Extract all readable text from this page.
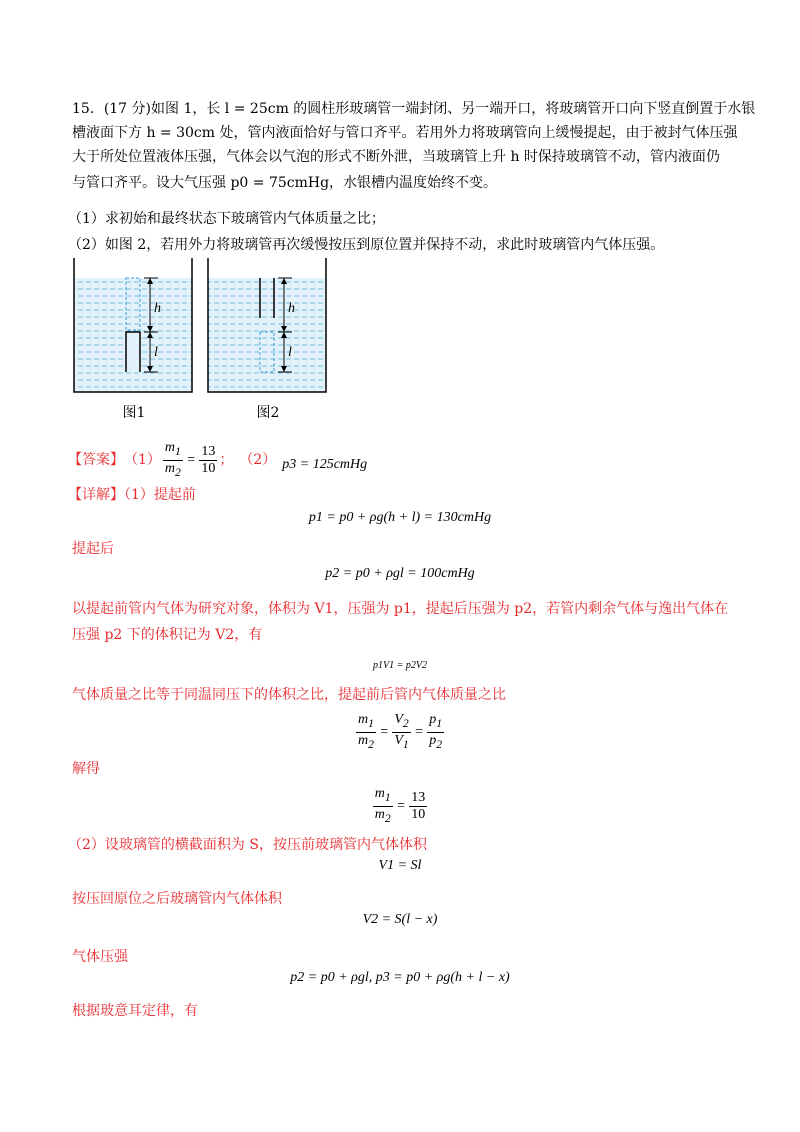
15．(17 分)如图 1，长 l = 25cm 的圆柱形玻璃管一端封闭、另一端开口，将玻璃管开口向下竖直倒置于水银
槽液面下方 h = 30cm 处，管内液面恰好与管口齐平。若用外力将玻璃管向上缓慢提起，由于被封气体压强
大于所处位置液体压强，气体会以气泡的形式不断外泄，当玻璃管上升 h 时保持玻璃管不动，管内液面仍
与管口齐平。设大气压强 p0 = 75cmHg，水银槽内温度始终不变。
（1）求初始和最终状态下玻璃管内气体质量之比；
（2）如图 2，若用外力将玻璃管再次缓慢按压到原位置并保持不动，求此时玻璃管内气体压强。
h
l
h
l
图1	图2
【答案】 $(1) \frac{m_1}{m_2} = \frac{13}{10}$ ； （2） p3 = 125cmHg
【详解】（1）提起前
p1 = p0 + ρg(h + l) = 130cmHg
提起后
p2 = p0 + ρgl = 100cmHg
以提起前管内气体为研究对象，体积为 V1，压强为 p1，提起后压强为 p2，若管内剩余气体与逸出气体在
压强 p2 下的体积记为 V2，有
p1V1 = p2V2
气体质量之比等于同温同压下的体积之比，提起前后管内气体质量之比
$\frac{m_1}{m_2} = \frac{V_2}{V_1} = \frac{p_1}{p_2}$
解得
$\frac{m_1}{m_2} = \frac{13}{10}$
（2）设玻璃管的横截面积为 S，按压前玻璃管内气体体积
V1 = Sl
按压回原位之后玻璃管内气体体积
V2 = S(l − x)
气体压强
p2 = p0 + ρgl, p3 = p0 + ρg(h + l − x)
根据玻意耳定律，有
